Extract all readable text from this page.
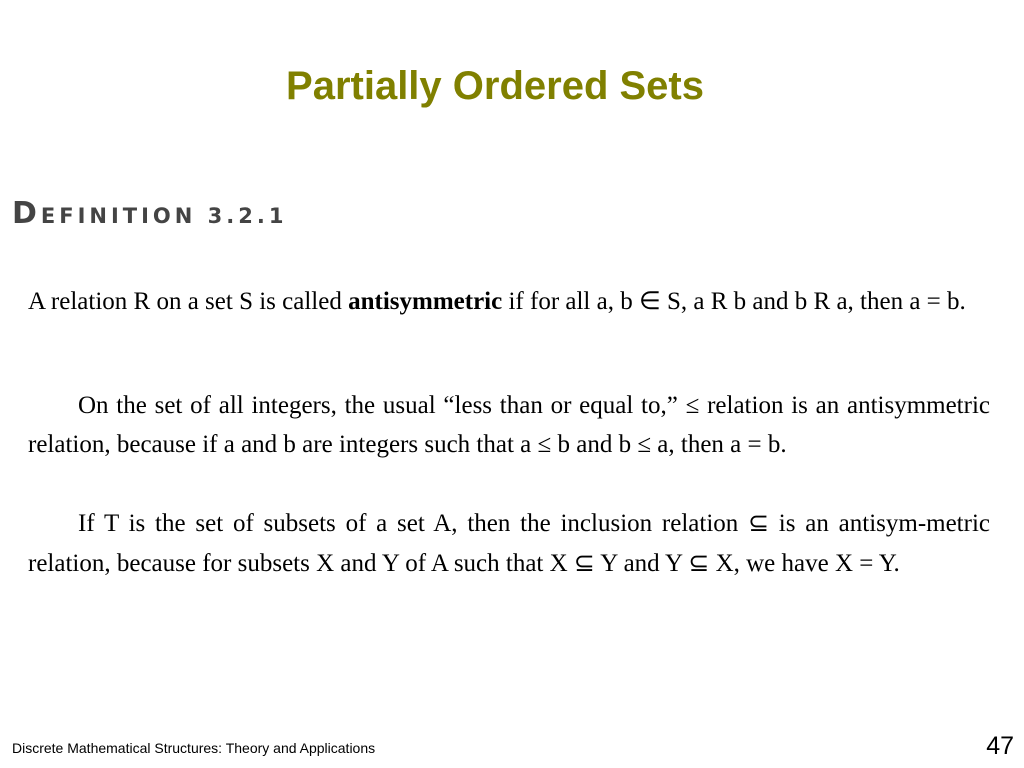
Partially Ordered Sets
DEFINITION 3.2.1

A relation R on a set S is called antisymmetric if for all a, b ∈ S, a R b and b R a, then a = b.

On the set of all integers, the usual “less than or equal to,” ≤ relation is an antisymmetric relation, because if a and b are integers such that a ≤ b and b ≤ a, then a = b.

If T is the set of subsets of a set A, then the inclusion relation ⊆ is an antisym-metric relation, because for subsets X and Y of A such that X ⊆ Y and Y ⊆ X, we have X = Y.

Discrete Mathematical Structures: Theory and Applications	47
